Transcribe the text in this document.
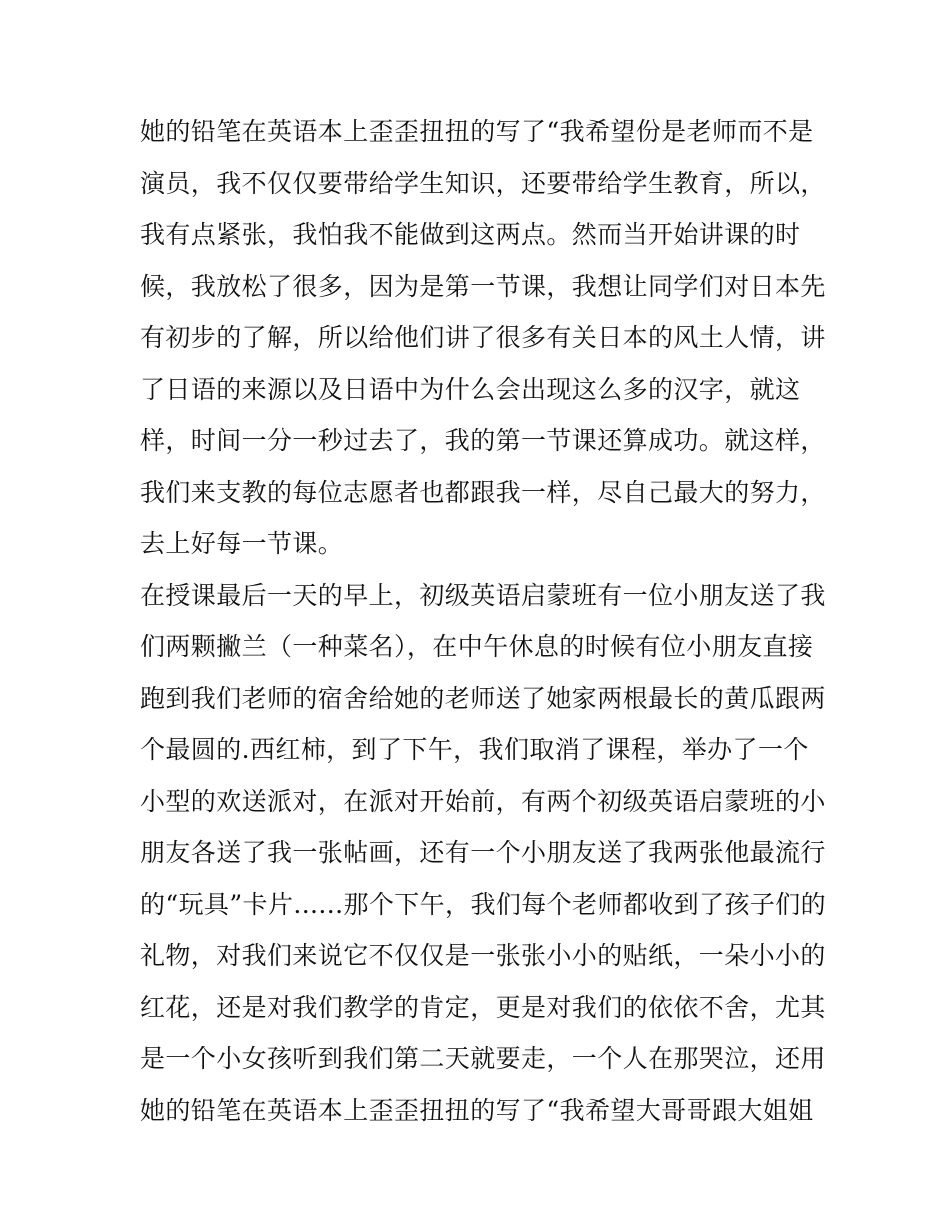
她的铅笔在英语本上歪歪扭扭的写了“我希望份是老师而不是
演员，我不仅仅要带给学生知识，还要带给学生教育，所以，
我有点紧张，我怕我不能做到这两点。然而当开始讲课的时
候，我放松了很多，因为是第一节课，我想让同学们对日本先
有初步的了解，所以给他们讲了很多有关日本的风土人情，讲
了日语的来源以及日语中为什么会出现这么多的汉字，就这
样，时间一分一秒过去了，我的第一节课还算成功。就这样，
我们来支教的每位志愿者也都跟我一样，尽自己最大的努力，
去上好每一节课。
在授课最后一天的早上，初级英语启蒙班有一位小朋友送了我
们两颗撇兰（一种菜名），在中午休息的时候有位小朋友直接
跑到我们老师的宿舍给她的老师送了她家两根最长的黄瓜跟两
个最圆的.西红柿，到了下午，我们取消了课程，举办了一个
小型的欢送派对，在派对开始前，有两个初级英语启蒙班的小
朋友各送了我一张帖画，还有一个小朋友送了我两张他最流行
的“玩具”卡片......那个下午，我们每个老师都收到了孩子们的
礼物，对我们来说它不仅仅是一张张小小的贴纸，一朵小小的
红花，还是对我们教学的肯定，更是对我们的依依不舍，尤其
是一个小女孩听到我们第二天就要走，一个人在那哭泣，还用
她的铅笔在英语本上歪歪扭扭的写了“我希望大哥哥跟大姐姐
